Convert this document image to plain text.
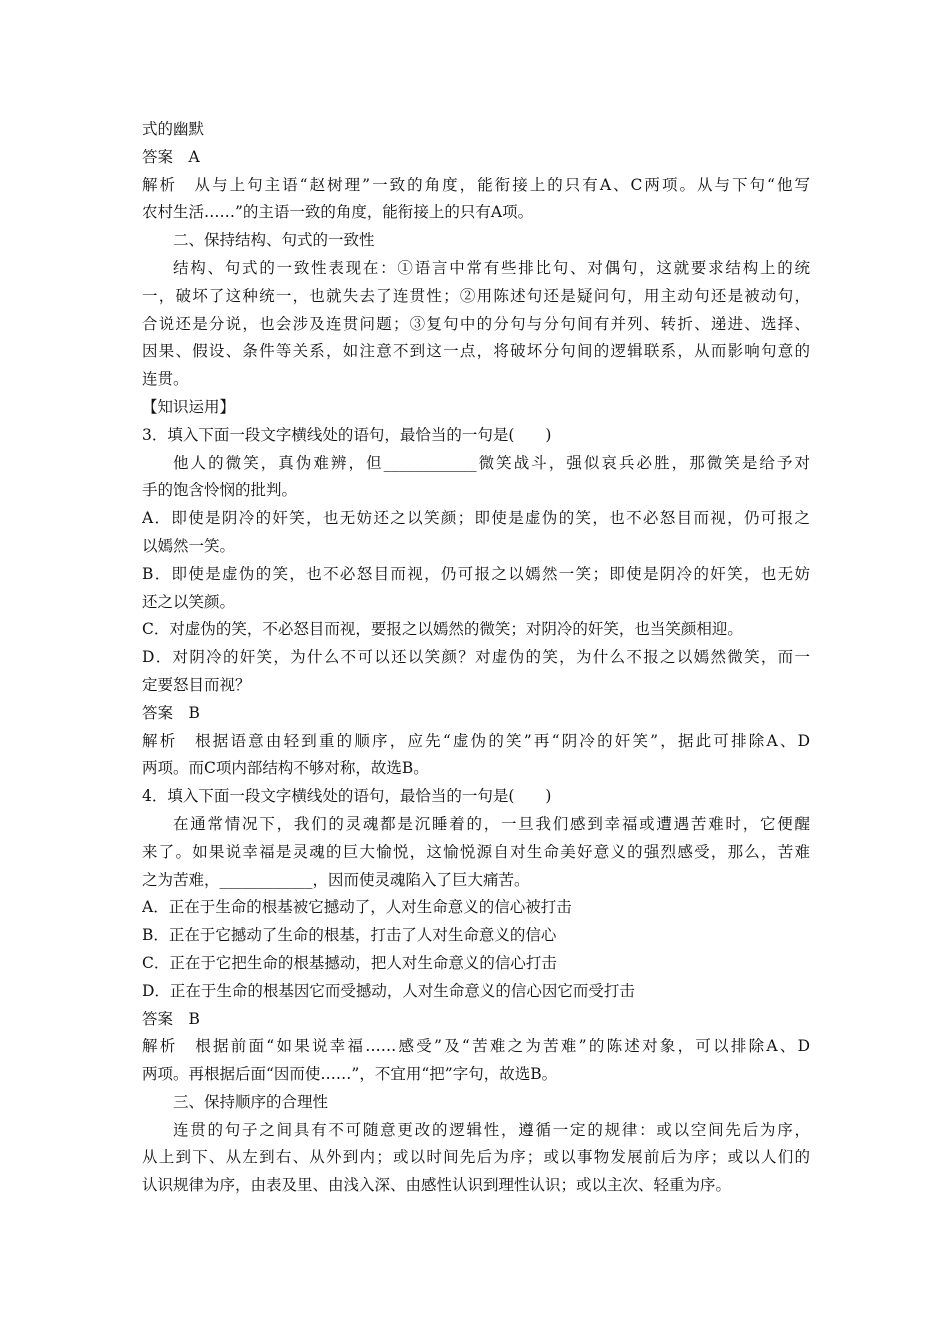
式的幽默
答案　A
解析　从与上句主语“赵树理”一致的角度，能衔接上的只有A、C两项。从与下句“他写
农村生活……”的主语一致的角度，能衔接上的只有A项。
二、保持结构、句式的一致性
结构、句式的一致性表现在：①语言中常有些排比句、对偶句，这就要求结构上的统
一，破坏了这种统一，也就失去了连贯性；②用陈述句还是疑问句，用主动句还是被动句，
合说还是分说，也会涉及连贯问题；③复句中的分句与分句间有并列、转折、递进、选择、
因果、假设、条件等关系，如注意不到这一点，将破坏分句间的逻辑联系，从而影响句意的
连贯。
【知识运用】
3．填入下面一段文字横线处的语句，最恰当的一句是(　　)
他人的微笑，真伪难辨，但____________微笑战斗，强似哀兵必胜，那微笑是给予对
手的饱含怜悯的批判。
A．即使是阴冷的奸笑，也无妨还之以笑颜；即使是虚伪的笑，也不必怒目而视，仍可报之
以嫣然一笑。
B．即使是虚伪的笑，也不必怒目而视，仍可报之以嫣然一笑；即使是阴冷的奸笑，也无妨
还之以笑颜。
C．对虚伪的笑，不必怒目而视，要报之以嫣然的微笑；对阴冷的奸笑，也当笑颜相迎。
D．对阴冷的奸笑，为什么不可以还以笑颜？对虚伪的笑，为什么不报之以嫣然微笑，而一
定要怒目而视？
答案　B
解析　根据语意由轻到重的顺序，应先“虚伪的笑”再“阴冷的奸笑”，据此可排除A、D
两项。而C项内部结构不够对称，故选B。
4．填入下面一段文字横线处的语句，最恰当的一句是(　　)
在通常情况下，我们的灵魂都是沉睡着的，一旦我们感到幸福或遭遇苦难时，它便醒
来了。如果说幸福是灵魂的巨大愉悦，这愉悦源自对生命美好意义的强烈感受，那么，苦难
之为苦难，____________，因而使灵魂陷入了巨大痛苦。
A．正在于生命的根基被它撼动了，人对生命意义的信心被打击
B．正在于它撼动了生命的根基，打击了人对生命意义的信心
C．正在于它把生命的根基撼动，把人对生命意义的信心打击
D．正在于生命的根基因它而受撼动，人对生命意义的信心因它而受打击
答案　B
解析　根据前面“如果说幸福……感受”及“苦难之为苦难”的陈述对象，可以排除A、D
两项。再根据后面“因而使……”，不宜用“把”字句，故选B。
三、保持顺序的合理性
连贯的句子之间具有不可随意更改的逻辑性，遵循一定的规律：或以空间先后为序，
从上到下、从左到右、从外到内；或以时间先后为序；或以事物发展前后为序；或以人们的
认识规律为序，由表及里、由浅入深、由感性认识到理性认识；或以主次、轻重为序。
